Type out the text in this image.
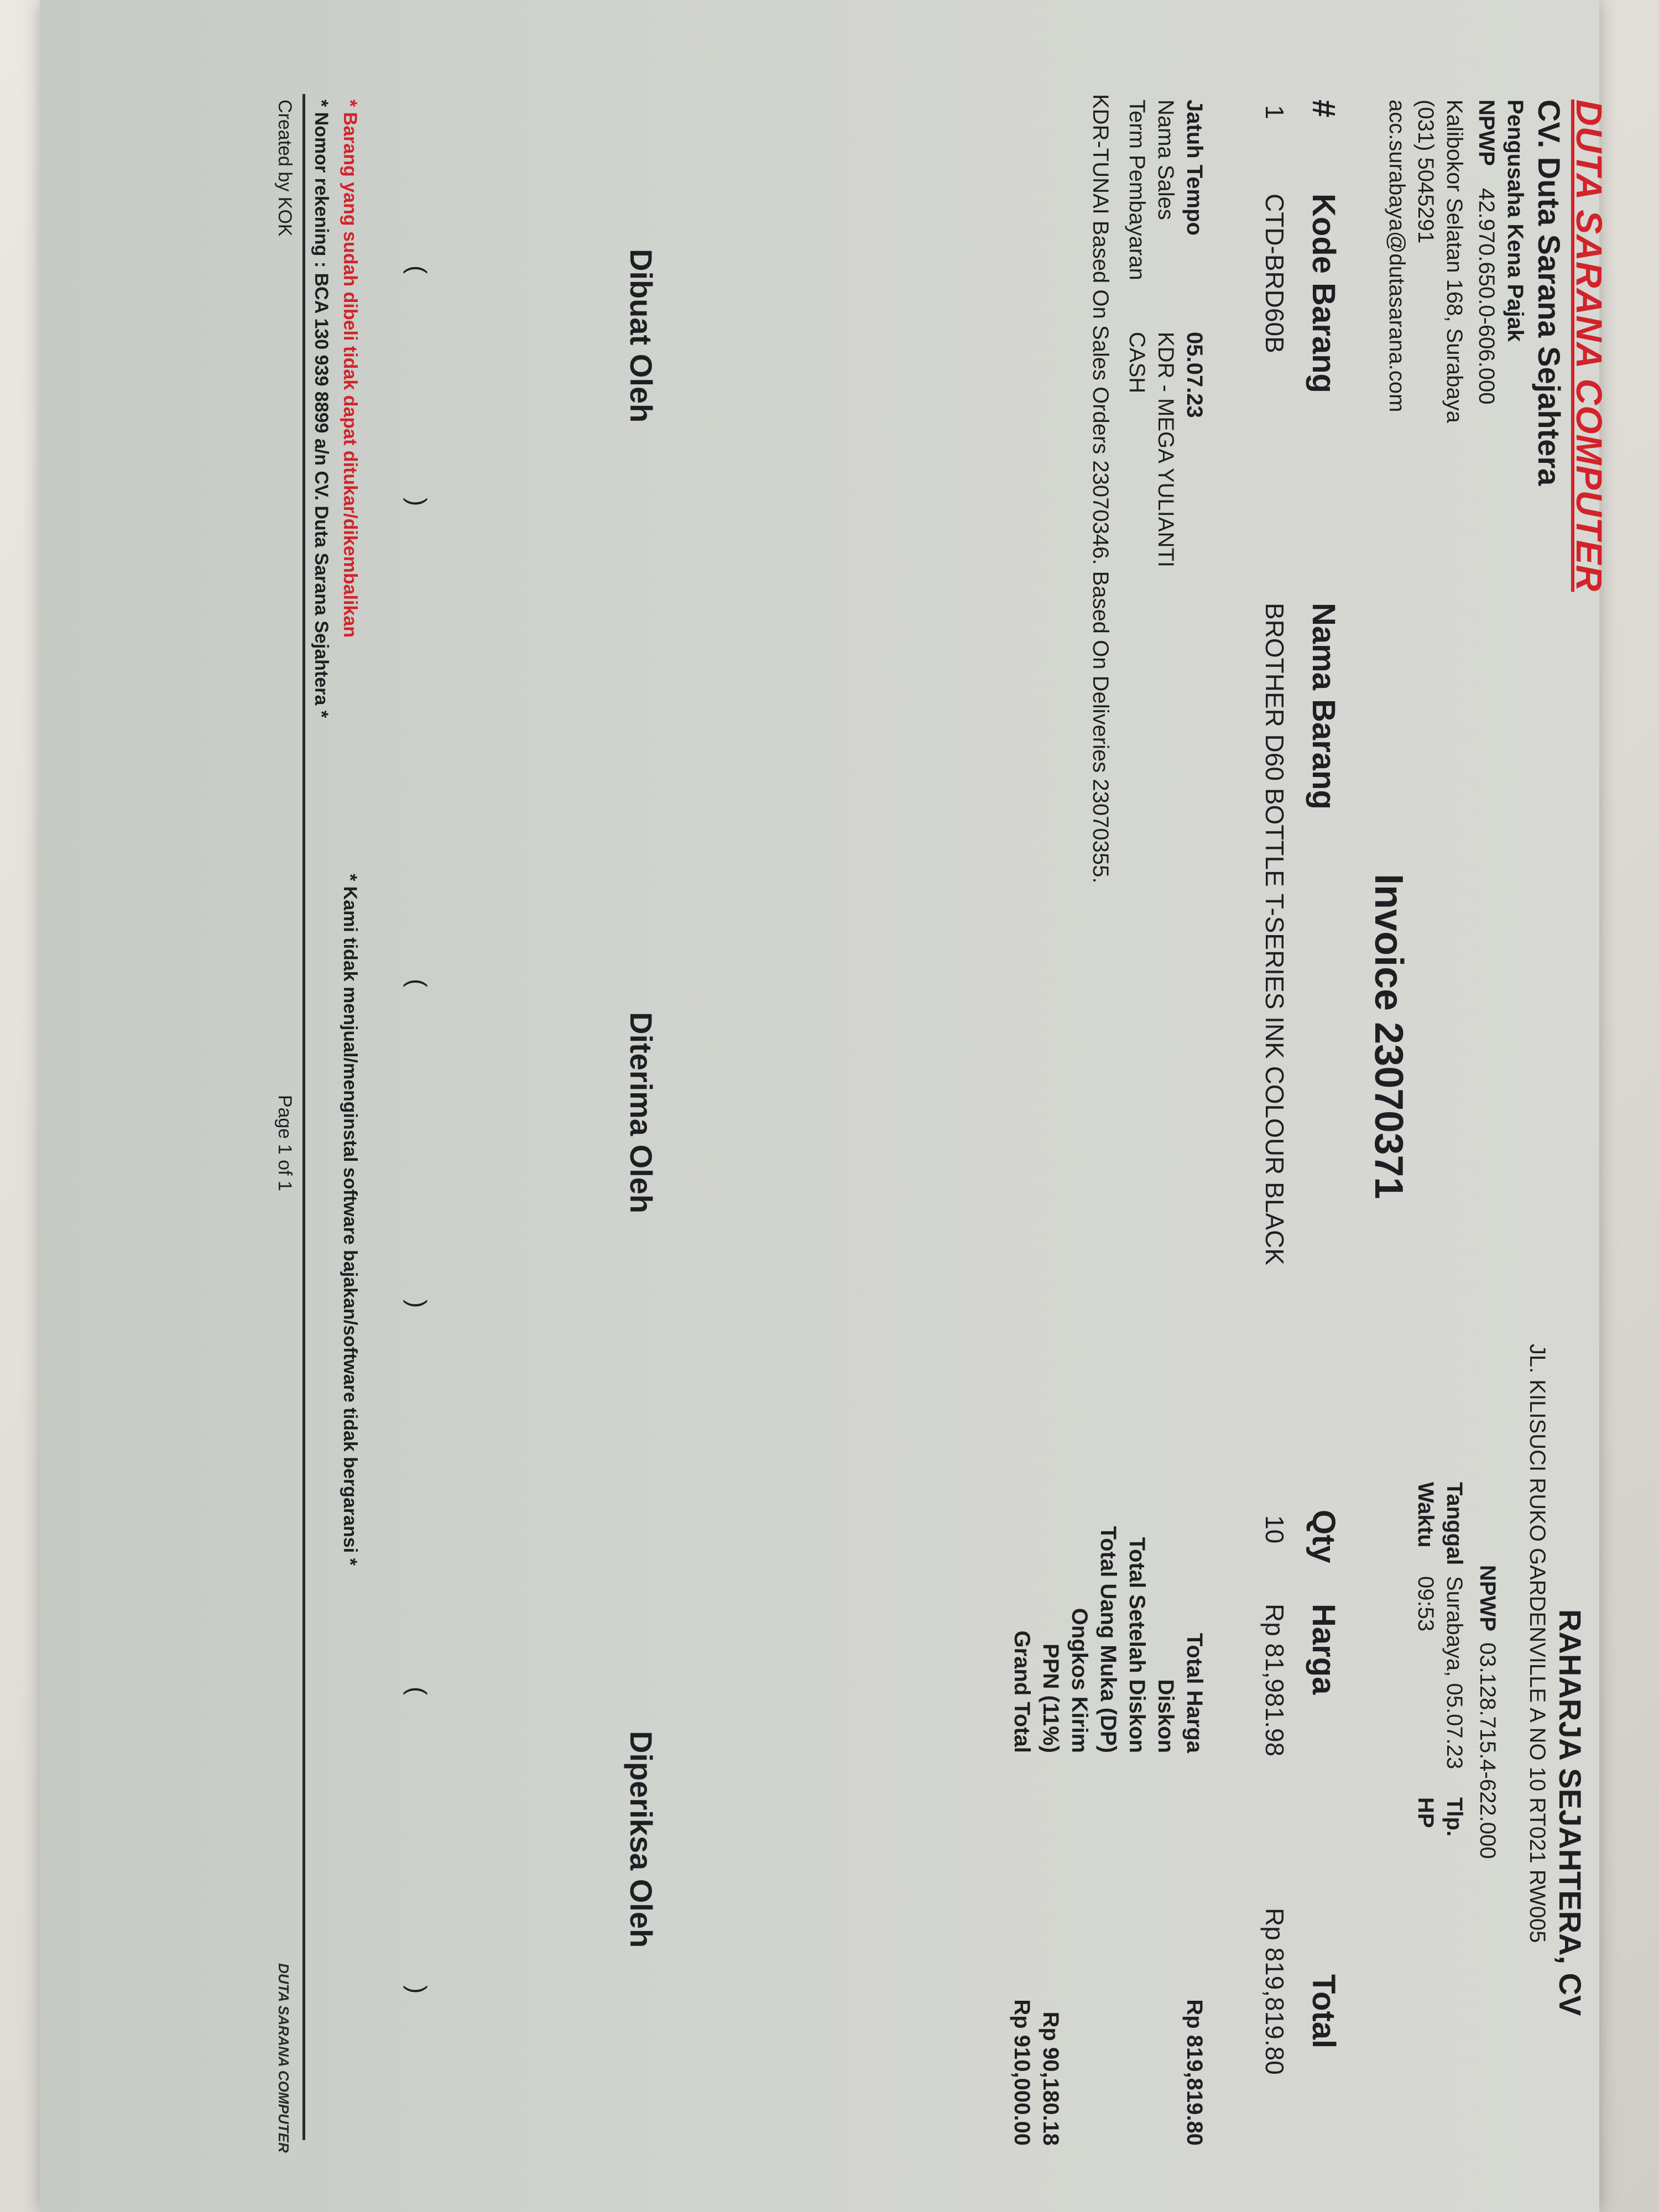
DUTA SARANA COMPUTER
CV. Duta Sarana Sejahtera
Pengusaha Kena Pajak
NPWP
42.970.650.0-606.000
Kalibokor Selatan 168, Surabaya
(031) 5045291
acc.surabaya@dutasarana.com
RAHARJA SEJAHTERA, CV
JL. KILISUCI RUKO GARDENVILLE A NO 10 RT021 RW005
NPWP
03.128.715.4-622.000
Tanggal
Surabaya, 05.07.23
Tlp.
Waktu
09:53
HP
Invoice 23070371
#
Kode Barang
Nama Barang
Qty
Harga
Total
1
CTD-BRD60B
BROTHER D60 BOTTLE T-SERIES INK COLOUR BLACK
10
Rp 81,981.98
Rp 819,819.80
Jatuh Tempo
05.07.23
Nama Sales
KDR - MEGA YULIANTI
Term Pembayaran
CASH
KDR-TUNAI Based On Sales Orders 23070346. Based On Deliveries 23070355.
Total Harga
Rp 819,819.80
Diskon
Total Setelah Diskon
Total Uang Muka (DP)
Ongkos Kirim
PPN (11%)
Rp 90,180.18
Grand Total
Rp 910,000.00
Dibuat Oleh
Diterima Oleh
Diperiksa Oleh
(
)
(
)
(
)
* Barang yang sudah dibeli tidak dapat ditukar/dikembalikan
* Kami tidak menjual/menginstal software bajakan/software tidak bergaransi *
* Nomor rekening : BCA 130 939 8899 a/n CV. Duta Sarana Sejahtera *
Created by KOK
Page 1 of 1
DUTA SARANA COMPUTER
